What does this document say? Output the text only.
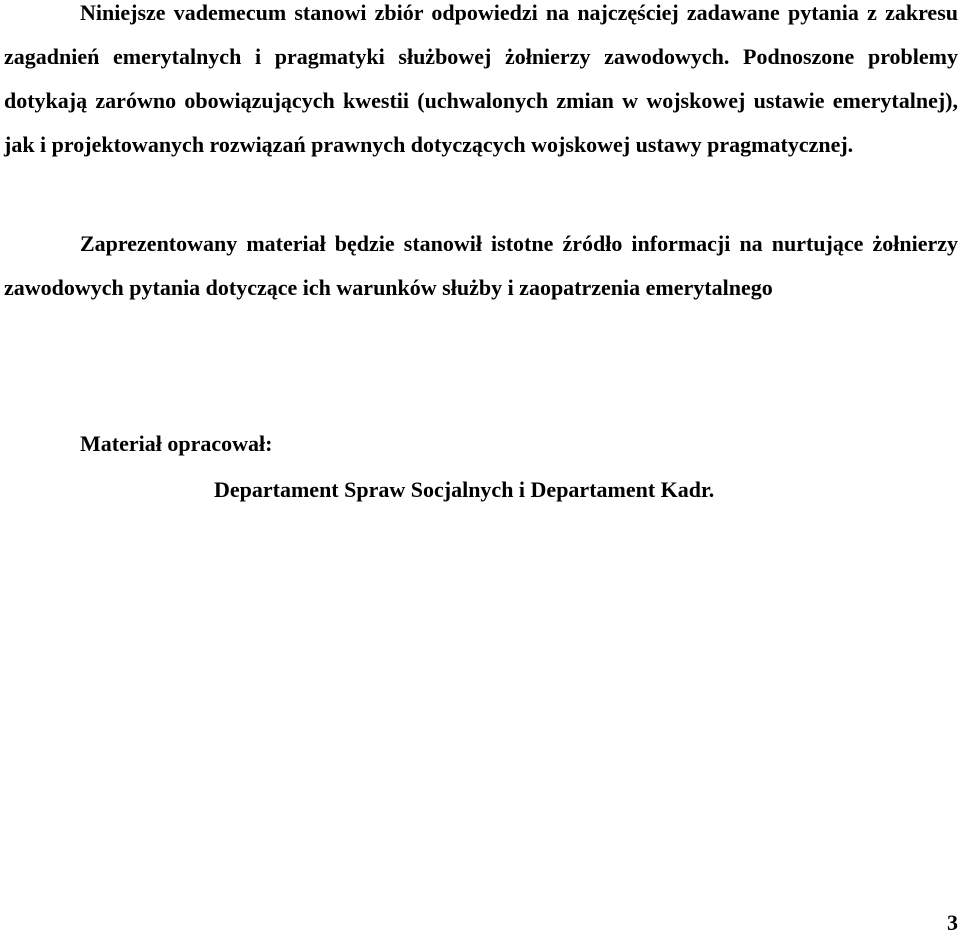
Niniejsze vademecum stanowi zbiór odpowiedzi na najczęściej zadawane pytania z zakresu zagadnień emerytalnych i pragmatyki służbowej żołnierzy zawodowych. Podnoszone problemy dotykają zarówno obowiązujących kwestii (uchwalonych zmian w wojskowej ustawie emerytalnej), jak i projektowanych rozwiązań prawnych dotyczących wojskowej ustawy pragmatycznej.

Zaprezentowany materiał będzie stanowił istotne źródło informacji na nurtujące żołnierzy zawodowych pytania dotyczące ich warunków służby i zaopatrzenia emerytalnego

Materiał opracował:

Departament Spraw Socjalnych i Departament Kadr.

3
